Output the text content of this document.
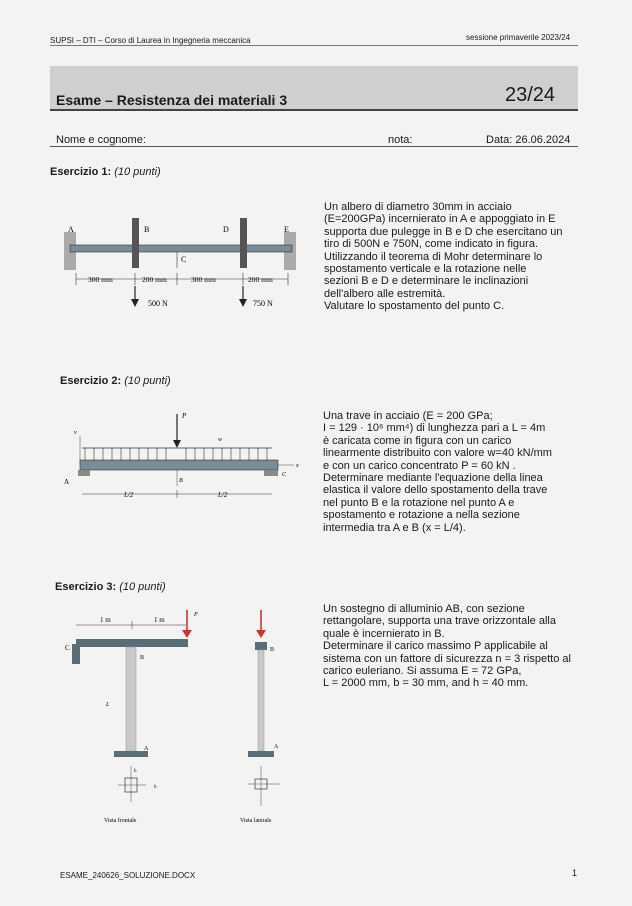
SUPSI – DTI – Corso di Laurea in Ingegneria meccanica	sessione primaverile 2023/24
Esame – Resistenza dei materiali 3	23/24
Nome e cognome:	nota:	Data: 26.06.2024
Esercizio 1: (10 punti)

Un albero di diametro 30mm in acciaio

(E=200GPa) incernierato in A e appoggiato in E

supporta due pulegge in B e D che esercitano un

tiro di 500N e 750N, come indicato in figura.

Utilizzando il teorema di Mohr determinare lo

spostamento verticale e la rotazione nelle

sezioni B e D e determinare le inclinazioni

dell'albero alle estremità.

Valutare lo spostamento del punto C.

A	B	D	E
C
300 mm	200 mm	300 mm	200 mm
500 N	750 N
Esercizio 2: (10 punti)

Una trave in acciaio (E = 200 GPa;

I = 129 · 10⁶ mm⁴) di lunghezza pari a L = 4m

è caricata come in figura con un carico

linearmente distribuito con valore w=40 kN/mm

e con un carico concentrato P = 60 kN .

Determinare mediante l'equazione della linea

elastica il valore dello spostamento della trave

nel punto B e la rotazione nel punto A e

spostamento e rotazione a nella sezione

intermedia tra A e B (x = L/4).

P
v
w
x
A	B
C
L/2	L/2
Esercizio 3: (10 punti)

Un sostegno di alluminio AB, con sezione

rettangolare, supporta una trave orizzontale alla

quale è incernierato in B.

Determinare il carico massimo P applicabile al

sistema con un fattore di sicurezza n = 3 rispetto al

carico euleriano. Si assuma E = 72 GPa,

L = 2000 mm, b = 30 mm, and h = 40 mm.

1 m	1 m
P
C
B
L
A
h
b
Vista frontale
B
A
Vista laterale
ESAME_240626_SOLUZIONE.DOCX	1
